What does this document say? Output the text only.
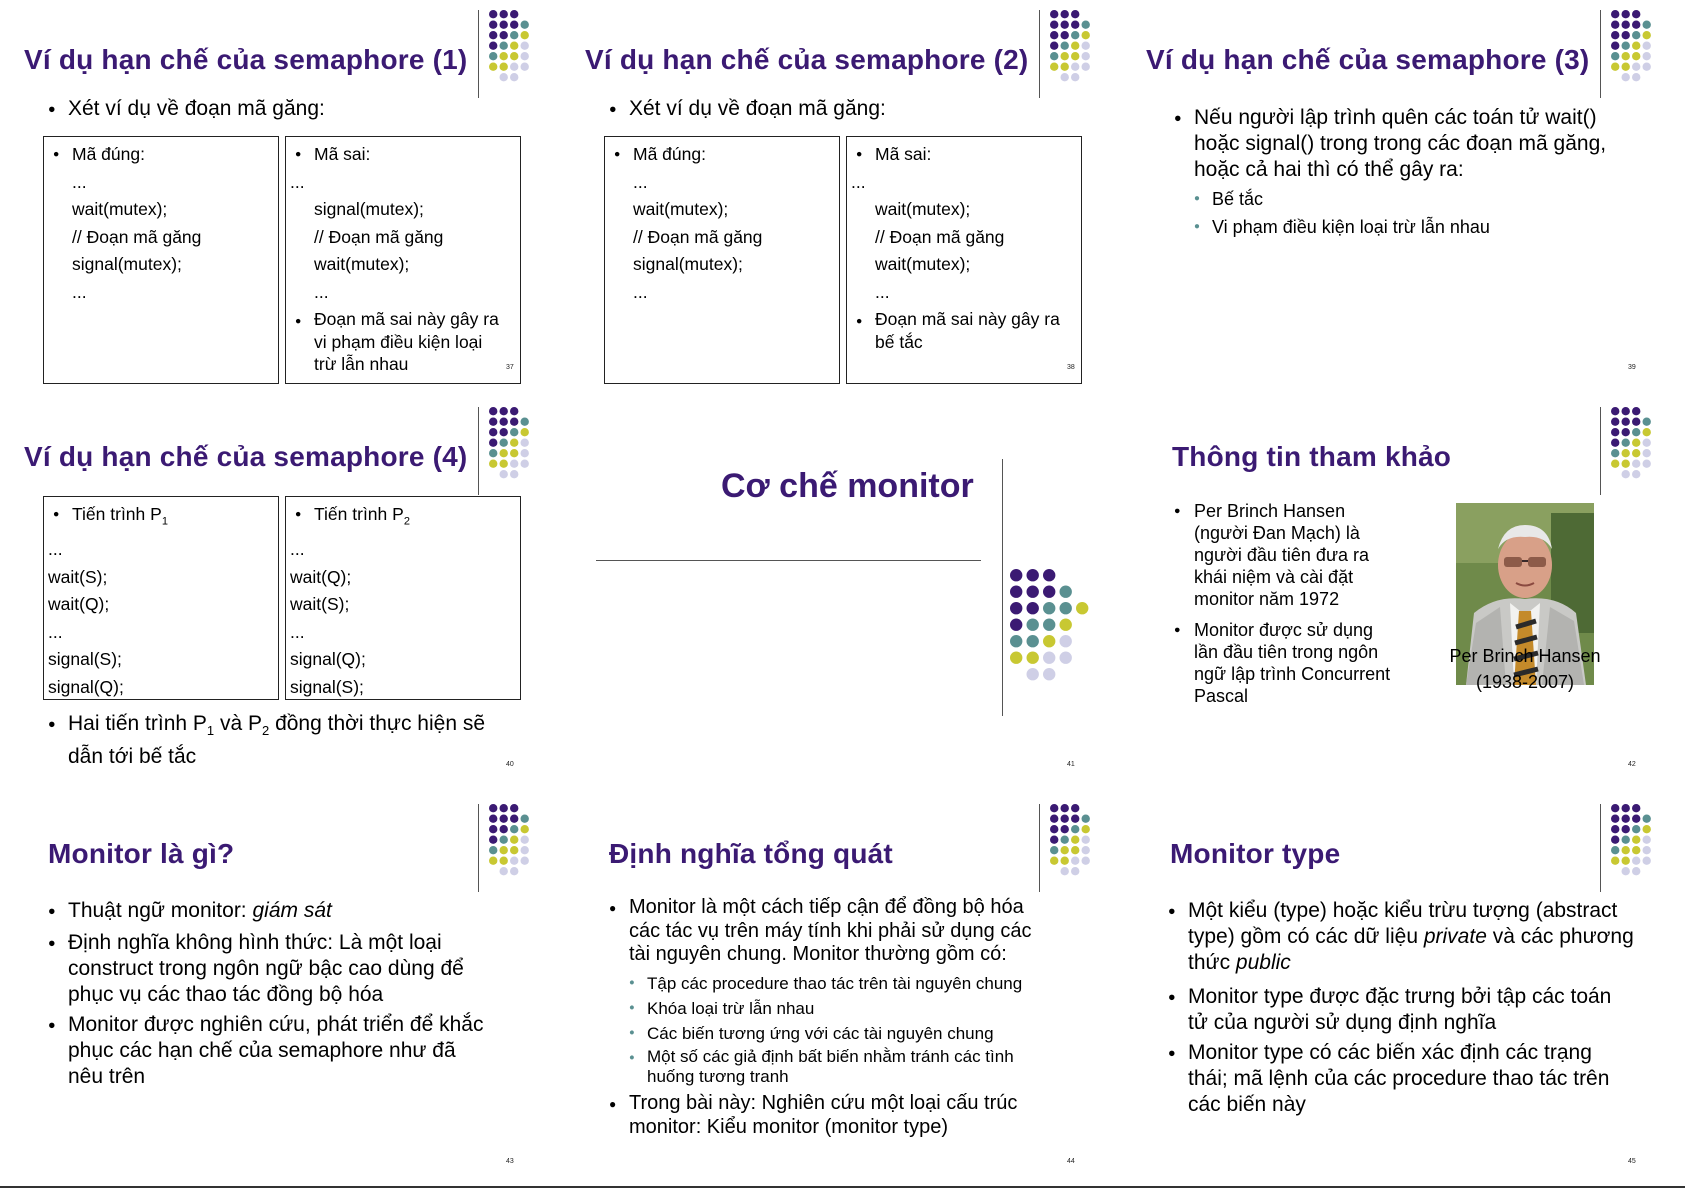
Ví dụ hạn chế của semaphore (1)
● Xét ví dụ về đoạn mã găng:
● Mã đúng:
...
wait(mutex);
// Đoạn mã găng
signal(mutex);
...
● Mã sai:
...
signal(mutex);
// Đoạn mã găng
wait(mutex);
...
● Đoạn mã sai này gây ra
vi phạm điều kiện loại
trừ lẫn nhau	37
Ví dụ hạn chế của semaphore (2)
● Xét ví dụ về đoạn mã găng:
● Mã đúng:
...
wait(mutex);
// Đoạn mã găng
signal(mutex);
...
● Mã sai:
...
wait(mutex);
// Đoạn mã găng
wait(mutex);
...
● Đoạn mã sai này gây ra
bế tắc
38
Ví dụ hạn chế của semaphore (3)
● Nếu người lập trình quên các toán tử wait()
hoặc signal() trong trong các đoạn mã găng,
hoặc cả hai thì có thể gây ra:
● Bế tắc
● Vi phạm điều kiện loại trừ lẫn nhau
39
Ví dụ hạn chế của semaphore (4)
● Tiến trình $P_1$
...
wait(S);
wait(Q);
...
signal(S);
signal(Q);
● Tiến trình $P_2$
...
wait(Q);
wait(S);
...
signal(Q);
signal(S);
● Hai tiến trình $P_1$ và $P_2$ đồng thời thực hiện sẽ
dẫn tới bế tắc	40
Cơ chế monitor
41
Thông tin tham khảo
● Per Brinch Hansen
(người Đan Mạch) là
người đầu tiên đưa ra
khái niệm và cài đặt
monitor năm 1972
● Monitor được sử dụng
lần đầu tiên trong ngôn
ngữ lập trình Concurrent
Pascal
Per Brinch Hansen
(1938-2007)
42
Monitor là gì?
● Thuật ngữ monitor: giám sát
● Định nghĩa không hình thức: Là một loại
construct trong ngôn ngữ bậc cao dùng để
phục vụ các thao tác đồng bộ hóa
● Monitor được nghiên cứu, phát triển để khắc
phục các hạn chế của semaphore như đã
nêu trên
43
Định nghĩa tổng quát
● Monitor là một cách tiếp cận để đồng bộ hóa
các tác vụ trên máy tính khi phải sử dụng các
tài nguyên chung. Monitor thường gồm có:
● Tập các procedure thao tác trên tài nguyên chung
● Khóa loại trừ lẫn nhau
● Các biến tương ứng với các tài nguyên chung
● Một số các giả định bất biến nhằm tránh các tình
huống tương tranh
● Trong bài này: Nghiên cứu một loại cấu trúc
monitor: Kiểu monitor (monitor type)
44
Monitor type
● Một kiểu (type) hoặc kiểu trừu tượng (abstract
type) gồm có các dữ liệu private và các phương
thức public
● Monitor type được đặc trưng bởi tập các toán
tử của người sử dụng định nghĩa
● Monitor type có các biến xác định các trạng
thái; mã lệnh của các procedure thao tác trên
các biến này
45
